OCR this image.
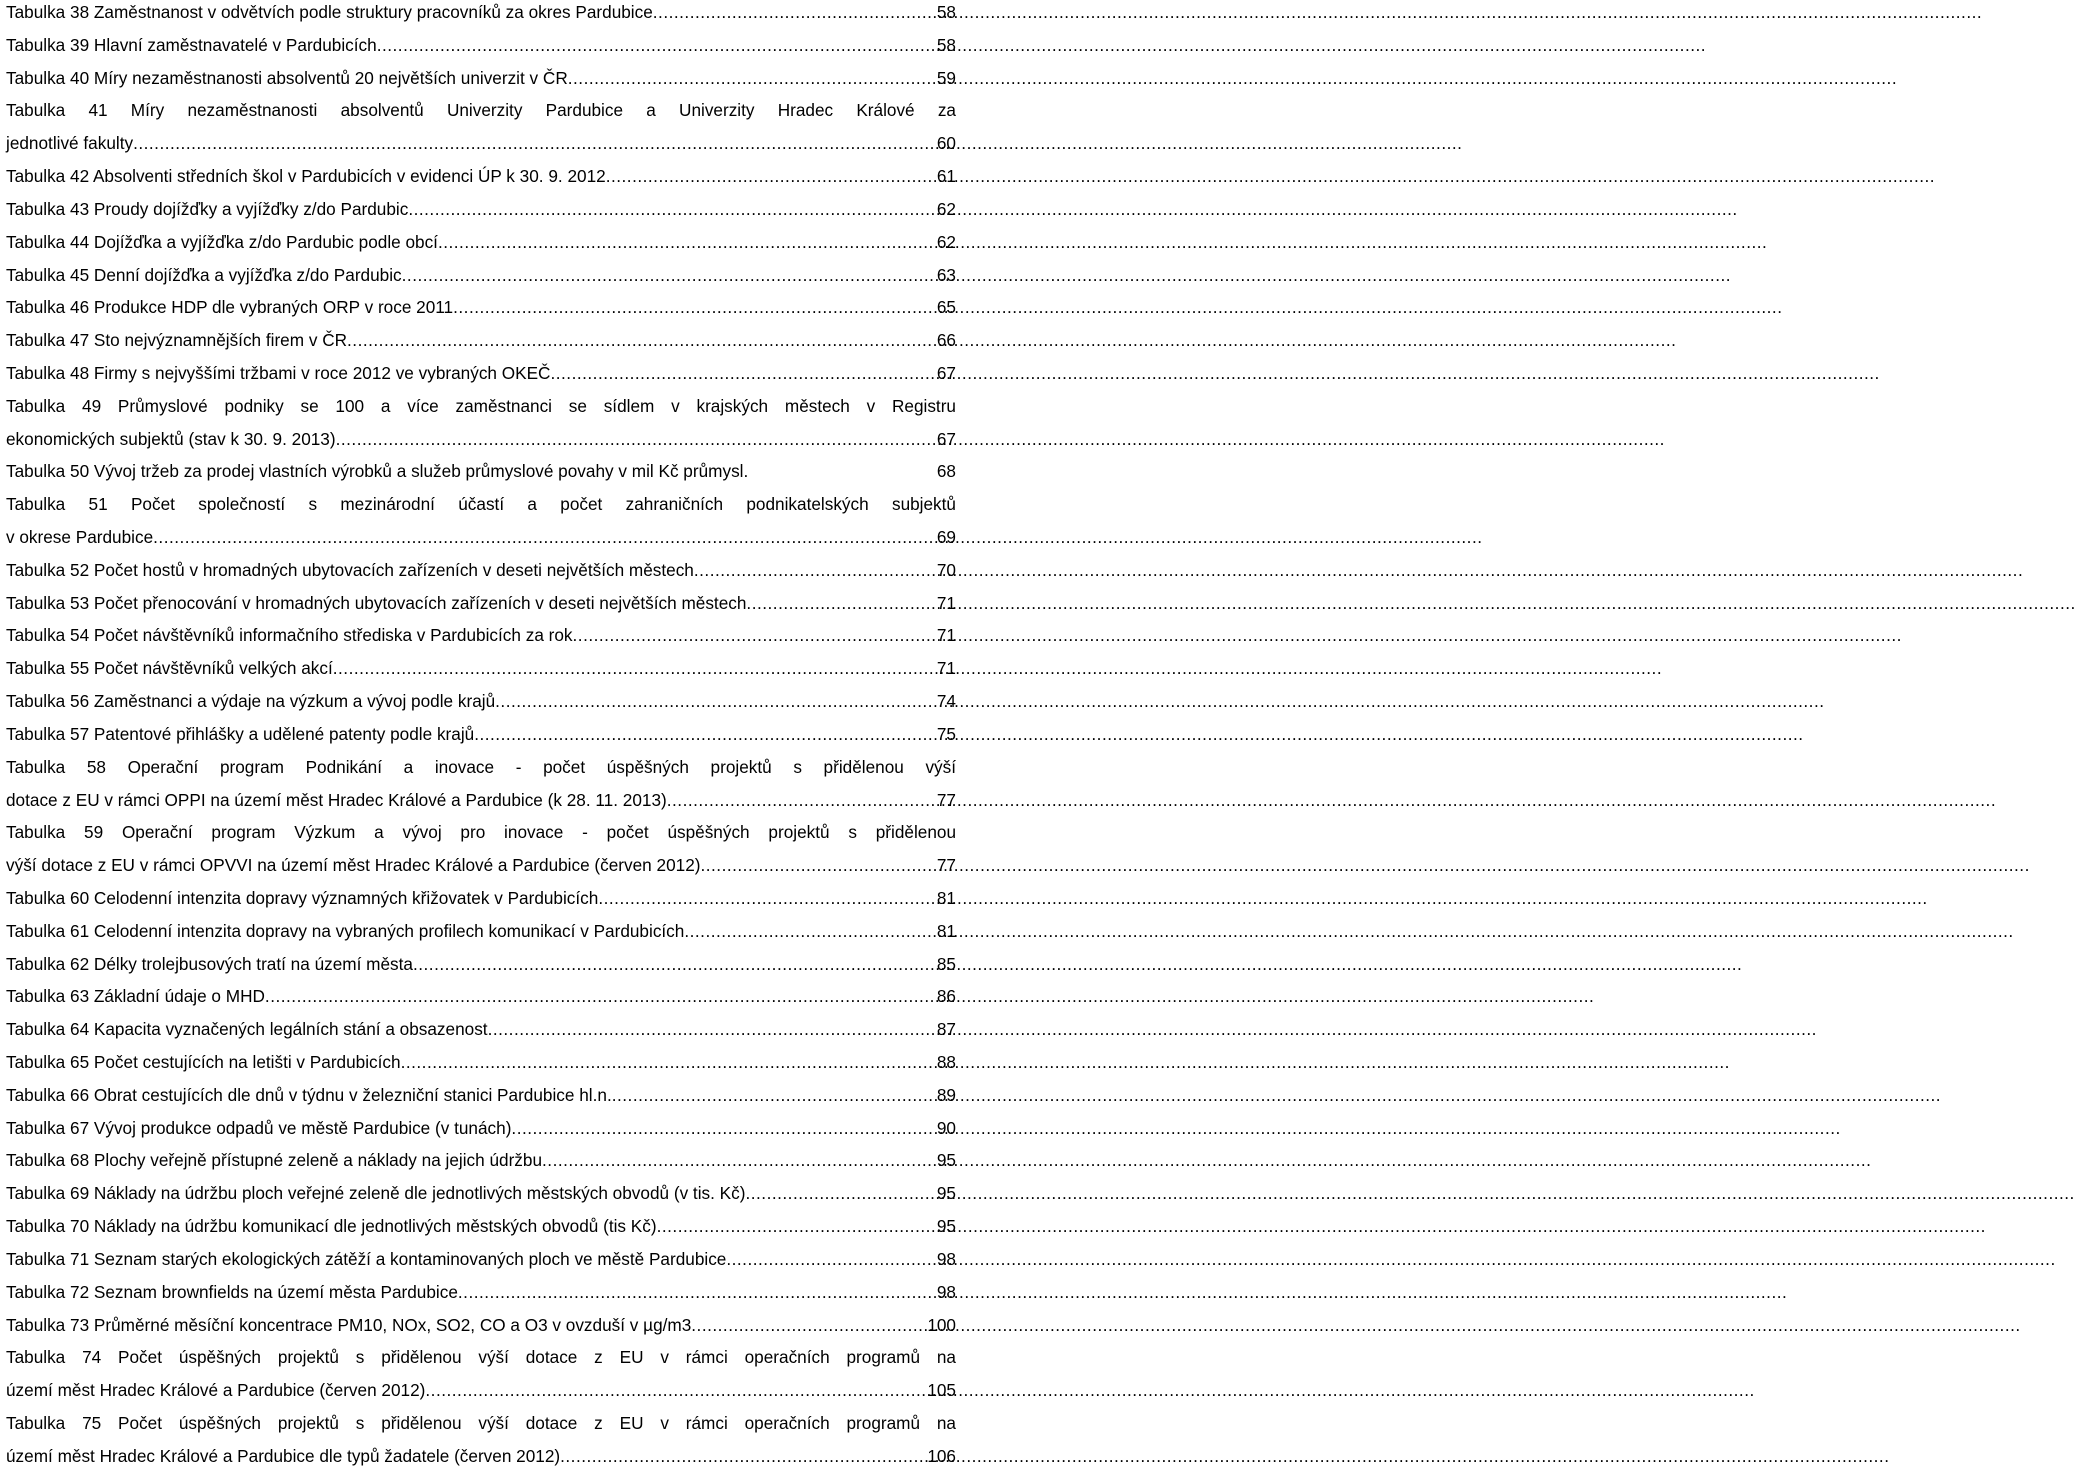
Tabulka 38 Zaměstnanost v odvětvích podle struktury pracovníků za okres Pardubice .....	58
Tabulka 39 Hlavní zaměstnavatelé v Pardubicích .....	58
Tabulka 40 Míry nezaměstnanosti absolventů 20 největších univerzit v ČR .....	59
Tabulka 41 Míry nezaměstnanosti absolventů Univerzity Pardubice a Univerzity Hradec Králové za
jednotlivé fakulty .....	60
Tabulka 42 Absolventi středních škol v Pardubicích v evidenci ÚP k 30. 9. 2012 .....	61
Tabulka 43 Proudy dojížďky a vyjížďky z/do Pardubic .....	62
Tabulka 44 Dojížďka a vyjížďka z/do Pardubic podle obcí .....	62
Tabulka 45 Denní dojížďka a vyjížďka z/do Pardubic .....	63
Tabulka 46 Produkce HDP dle vybraných ORP v roce 2011 .....	65
Tabulka 47 Sto nejvýznamnějších firem v ČR .....	66
Tabulka 48 Firmy s nejvyššími tržbami v roce 2012 ve vybraných OKEČ .....	67
Tabulka 49 Průmyslové podniky se 100 a více zaměstnanci se sídlem v krajských městech v Registru
ekonomických subjektů (stav k 30. 9. 2013) .....	67
Tabulka 50 Vývoj tržeb za prodej vlastních výrobků a služeb průmyslové povahy v mil Kč průmysl.	68
Tabulka 51 Počet společností s mezinárodní účastí a počet zahraničních podnikatelských subjektů
v okrese Pardubice .....	69
Tabulka 52 Počet hostů v hromadných ubytovacích zařízeních v deseti největších městech .....	70
Tabulka 53 Počet přenocování v hromadných ubytovacích zařízeních v deseti největších městech .....	71
Tabulka 54 Počet návštěvníků informačního střediska v Pardubicích za rok .....	71
Tabulka 55 Počet návštěvníků velkých akcí .....	71
Tabulka 56 Zaměstnanci a výdaje na výzkum a vývoj podle krajů .....	74
Tabulka 57 Patentové přihlášky a udělené patenty podle krajů .....	75
Tabulka 58 Operační program Podnikání a inovace - počet úspěšných projektů s přidělenou výší
dotace z EU v rámci OPPI na území měst Hradec Králové a Pardubice (k 28. 11. 2013) .....	77
Tabulka 59 Operační program Výzkum a vývoj pro inovace - počet úspěšných projektů s přidělenou
výší dotace z EU v rámci OPVVI na území měst Hradec Králové a Pardubice (červen 2012) .....	77
Tabulka 60 Celodenní intenzita dopravy významných křižovatek v Pardubicích .....	81
Tabulka 61 Celodenní intenzita dopravy na vybraných profilech komunikací v Pardubicích .....	81
Tabulka 62 Délky trolejbusových tratí na území města .....	85
Tabulka 63 Základní údaje o MHD .....	86
Tabulka 64 Kapacita vyznačených legálních stání a obsazenost .....	87
Tabulka 65 Počet cestujících na letišti v Pardubicích .....	88
Tabulka 66 Obrat cestujících dle dnů v týdnu v železniční stanici Pardubice hl.n. .....	89
Tabulka 67 Vývoj produkce odpadů ve městě Pardubice (v tunách) .....	90
Tabulka 68 Plochy veřejně přístupné zeleně a náklady na jejich údržbu .....	95
Tabulka 69 Náklady na údržbu ploch veřejné zeleně dle jednotlivých městských obvodů (v tis. Kč) .....	95
Tabulka 70 Náklady na údržbu komunikací dle jednotlivých městských obvodů (tis Kč) .....	95
Tabulka 71 Seznam starých ekologických zátěží a kontaminovaných ploch ve městě Pardubice .....	98
Tabulka 72 Seznam brownfields na území města Pardubice .....	98
Tabulka 73 Průměrné měsíční koncentrace PM10, NOx, SO2, CO a O3 v ovzduší v µg/m3 .....	100
Tabulka 74 Počet úspěšných projektů s přidělenou výší dotace z EU v rámci operačních programů na
území měst Hradec Králové a Pardubice (červen 2012) .....	105
Tabulka 75 Počet úspěšných projektů s přidělenou výší dotace z EU v rámci operačních programů na
území měst Hradec Králové a Pardubice dle typů žadatele (červen 2012) .....	106
